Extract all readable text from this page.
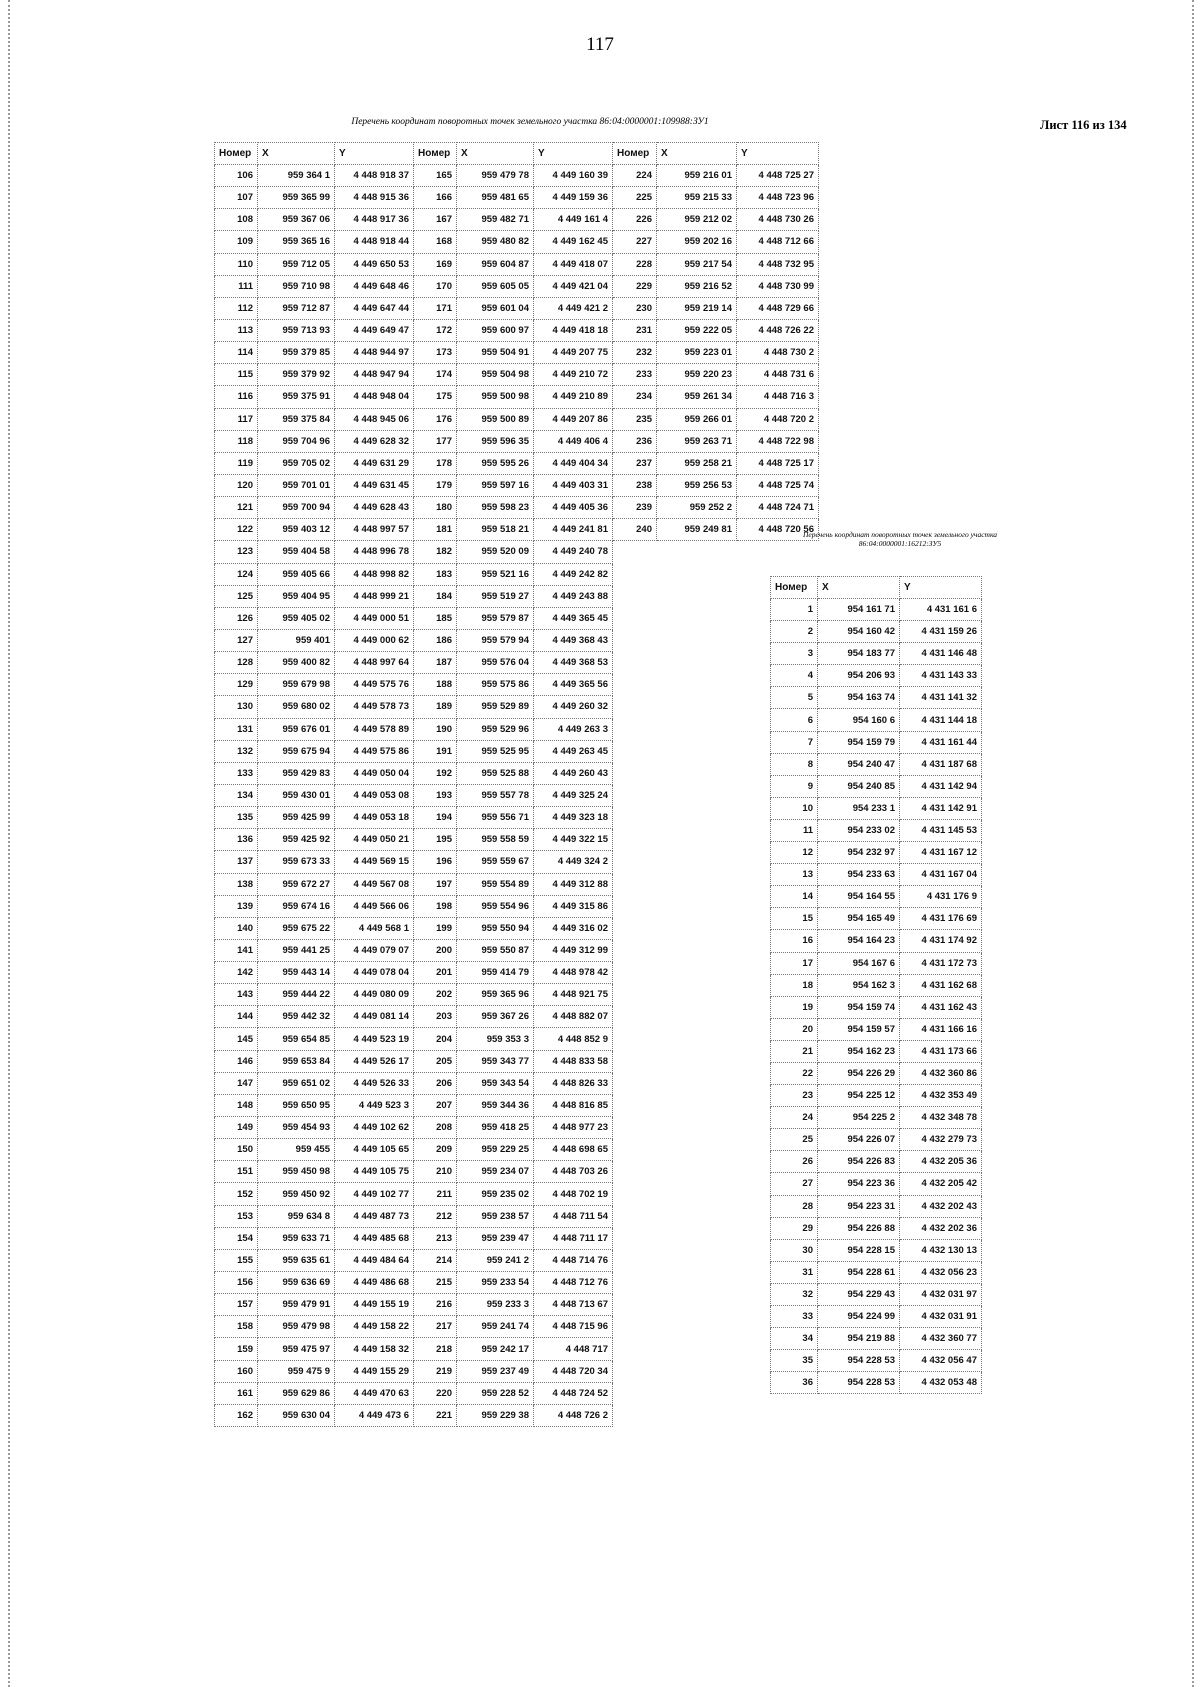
117
Перечень координат поворотных точек земельного участка 86:04:0000001:109988:ЗУ1	Лист 116 из 134
Номер	X	Y	Номер	X	Y	Номер	X	Y
106	959 364 1	4 448 918 37	165	959 479 78	4 449 160 39	224	959 216 01	4 448 725 27
107	959 365 99	4 448 915 36	166	959 481 65	4 449 159 36	225	959 215 33	4 448 723 96
108	959 367 06	4 448 917 36	167	959 482 71	4 449 161 4	226	959 212 02	4 448 730 26
109	959 365 16	4 448 918 44	168	959 480 82	4 449 162 45	227	959 202 16	4 448 712 66
110	959 712 05	4 449 650 53	169	959 604 87	4 449 418 07	228	959 217 54	4 448 732 95
111	959 710 98	4 449 648 46	170	959 605 05	4 449 421 04	229	959 216 52	4 448 730 99
112	959 712 87	4 449 647 44	171	959 601 04	4 449 421 2	230	959 219 14	4 448 729 66
113	959 713 93	4 449 649 47	172	959 600 97	4 449 418 18	231	959 222 05	4 448 726 22
114	959 379 85	4 448 944 97	173	959 504 91	4 449 207 75	232	959 223 01	4 448 730 2
115	959 379 92	4 448 947 94	174	959 504 98	4 449 210 72	233	959 220 23	4 448 731 6
116	959 375 91	4 448 948 04	175	959 500 98	4 449 210 89	234	959 261 34	4 448 716 3
117	959 375 84	4 448 945 06	176	959 500 89	4 449 207 86	235	959 266 01	4 448 720 2
118	959 704 96	4 449 628 32	177	959 596 35	4 449 406 4	236	959 263 71	4 448 722 98
119	959 705 02	4 449 631 29	178	959 595 26	4 449 404 34	237	959 258 21	4 448 725 17
120	959 701 01	4 449 631 45	179	959 597 16	4 449 403 31	238	959 256 53	4 448 725 74
121	959 700 94	4 449 628 43	180	959 598 23	4 449 405 36	239	959 252 2	4 448 724 71
122	959 403 12	4 448 997 57	181	959 518 21	4 449 241 81	240	959 249 81	4 448 720 56
123	959 404 58	4 448 996 78	182	959 520 09	4 449 240 78			
124	959 405 66	4 448 998 82	183	959 521 16	4 449 242 82			
125	959 404 95	4 448 999 21	184	959 519 27	4 449 243 88			
126	959 405 02	4 449 000 51	185	959 579 87	4 449 365 45			
127	959 401	4 449 000 62	186	959 579 94	4 449 368 43			
128	959 400 82	4 448 997 64	187	959 576 04	4 449 368 53			
129	959 679 98	4 449 575 76	188	959 575 86	4 449 365 56			
130	959 680 02	4 449 578 73	189	959 529 89	4 449 260 32			
131	959 676 01	4 449 578 89	190	959 529 96	4 449 263 3			
132	959 675 94	4 449 575 86	191	959 525 95	4 449 263 45			
133	959 429 83	4 449 050 04	192	959 525 88	4 449 260 43			
134	959 430 01	4 449 053 08	193	959 557 78	4 449 325 24			
135	959 425 99	4 449 053 18	194	959 556 71	4 449 323 18			
136	959 425 92	4 449 050 21	195	959 558 59	4 449 322 15			
137	959 673 33	4 449 569 15	196	959 559 67	4 449 324 2			
138	959 672 27	4 449 567 08	197	959 554 89	4 449 312 88			
139	959 674 16	4 449 566 06	198	959 554 96	4 449 315 86			
140	959 675 22	4 449 568 1	199	959 550 94	4 449 316 02			
141	959 441 25	4 449 079 07	200	959 550 87	4 449 312 99			
142	959 443 14	4 449 078 04	201	959 414 79	4 448 978 42			
143	959 444 22	4 449 080 09	202	959 365 96	4 448 921 75			
144	959 442 32	4 449 081 14	203	959 367 26	4 448 882 07			
145	959 654 85	4 449 523 19	204	959 353 3	4 448 852 9			
146	959 653 84	4 449 526 17	205	959 343 77	4 448 833 58			
147	959 651 02	4 449 526 33	206	959 343 54	4 448 826 33			
148	959 650 95	4 449 523 3	207	959 344 36	4 448 816 85			
149	959 454 93	4 449 102 62	208	959 418 25	4 448 977 23			
150	959 455	4 449 105 65	209	959 229 25	4 448 698 65			
151	959 450 98	4 449 105 75	210	959 234 07	4 448 703 26			
152	959 450 92	4 449 102 77	211	959 235 02	4 448 702 19			
153	959 634 8	4 449 487 73	212	959 238 57	4 448 711 54			
154	959 633 71	4 449 485 68	213	959 239 47	4 448 711 17			
155	959 635 61	4 449 484 64	214	959 241 2	4 448 714 76			
156	959 636 69	4 449 486 68	215	959 233 54	4 448 712 76			
157	959 479 91	4 449 155 19	216	959 233 3	4 448 713 67			
158	959 479 98	4 449 158 22	217	959 241 74	4 448 715 96			
159	959 475 97	4 449 158 32	218	959 242 17	4 448 717			
160	959 475 9	4 449 155 29	219	959 237 49	4 448 720 34			
161	959 629 86	4 449 470 63	220	959 228 52	4 448 724 52			
162	959 630 04	4 449 473 6	221	959 229 38	4 448 726 2			
Перечень координат поворотных точек земельного участка 86:04:0000001:16212:ЗУ5
Номер	X	Y
1	954 161 71	4 431 161 6
2	954 160 42	4 431 159 26
3	954 183 77	4 431 146 48
4	954 206 93	4 431 143 33
5	954 163 74	4 431 141 32
6	954 160 6	4 431 144 18
7	954 159 79	4 431 161 44
8	954 240 47	4 431 187 68
9	954 240 85	4 431 142 94
10	954 233 1	4 431 142 91
11	954 233 02	4 431 145 53
12	954 232 97	4 431 167 12
13	954 233 63	4 431 167 04
14	954 164 55	4 431 176 9
15	954 165 49	4 431 176 69
16	954 164 23	4 431 174 92
17	954 167 6	4 431 172 73
18	954 162 3	4 431 162 68
19	954 159 74	4 431 162 43
20	954 159 57	4 431 166 16
21	954 162 23	4 431 173 66
22	954 226 29	4 432 360 86
23	954 225 12	4 432 353 49
24	954 225 2	4 432 348 78
25	954 226 07	4 432 279 73
26	954 226 83	4 432 205 36
27	954 223 36	4 432 205 42
28	954 223 31	4 432 202 43
29	954 226 88	4 432 202 36
30	954 228 15	4 432 130 13
31	954 228 61	4 432 056 23
32	954 229 43	4 432 031 97
33	954 224 99	4 432 031 91
34	954 219 88	4 432 360 77
35	954 228 53	4 432 056 47
36	954 228 53	4 432 053 48
